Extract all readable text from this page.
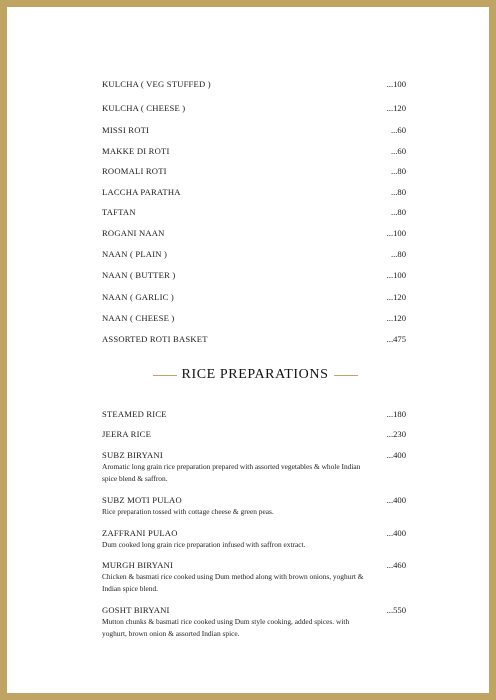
KULCHA ( VEG STUFFED )	...100
KULCHA ( CHEESE )	...120
MISSI ROTI	...60
MAKKE DI ROTI	...60
ROOMALI ROTI	...80
LACCHA PARATHA	...80
TAFTAN	...80
ROGANI NAAN	...100
NAAN ( PLAIN )	...80
NAAN ( BUTTER )	...100
NAAN ( GARLIC )	...120
NAAN ( CHEESE )	...120
ASSORTED ROTI BASKET	...475
RICE PREPARATIONS
STEAMED RICE	...180
JEERA RICE	...230
SUBZ BIRYANI	...400
Aromatic long grain rice preparation prepared with assorted vegetables & whole Indian spice blend & saffron.
SUBZ MOTI PULAO	...400
Rice preparation tossed with cottage cheese & green peas.
ZAFFRANI PULAO	...400
Dum cooked long grain rice preparation infused with saffron extract.
MURGH BIRYANI	...460
Chicken & basmati rice cooked using Dum method along with brown onions, yoghurt & Indian spice blend.
GOSHT BIRYANI	...550
Mutton chunks & basmati rice cooked using Dum style cooking, added spices. with yoghurt, brown onion & assorted Indian spice.
